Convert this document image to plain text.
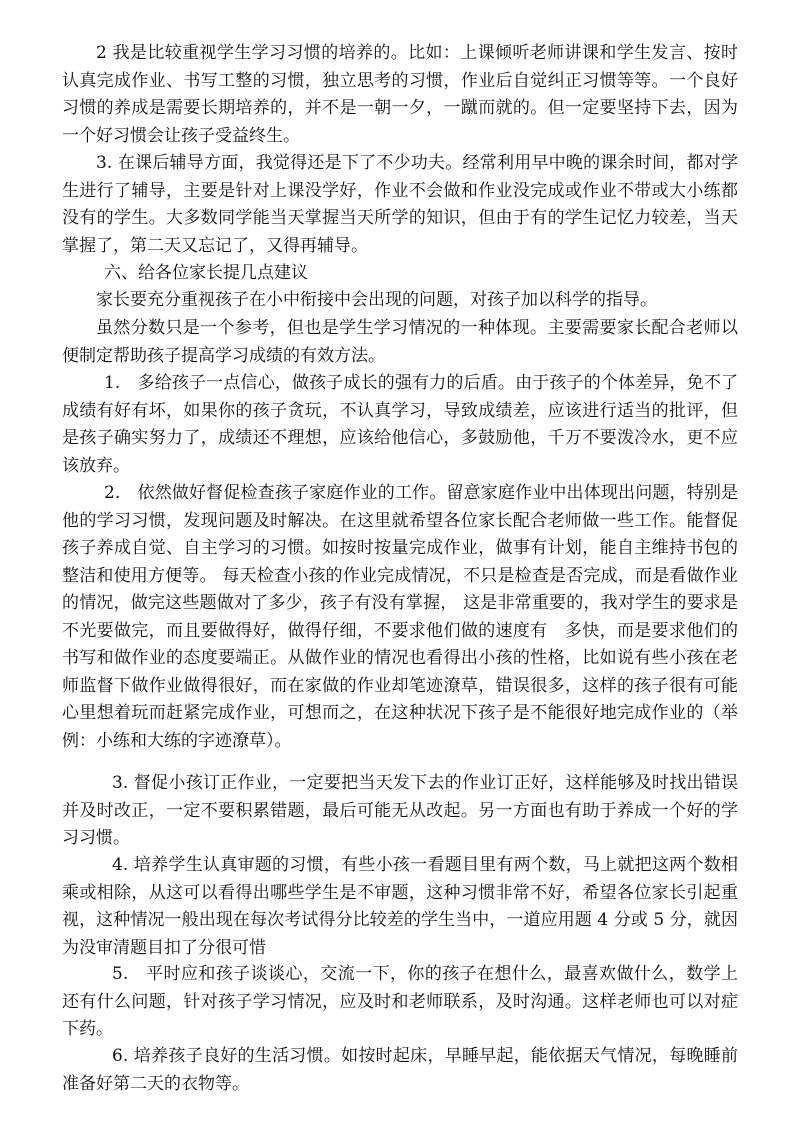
2 我是比较重视学生学习习惯的培养的。比如：上课倾听老师讲课和学生发言、按时认真完成作业、书写工整的习惯，独立思考的习惯，作业后自觉纠正习惯等等。一个良好习惯的养成是需要长期培养的，并不是一朝一夕，一蹴而就的。但一定要坚持下去，因为一个好习惯会让孩子受益终生。

3. 在课后辅导方面，我觉得还是下了不少功夫。经常利用早中晚的课余时间，都对学生进行了辅导，主要是针对上课没学好，作业不会做和作业没完成或作业不带或大小练都没有的学生。大多数同学能当天掌握当天所学的知识，但由于有的学生记忆力较差，当天掌握了，第二天又忘记了，又得再辅导。

六、给各位家长提几点建议

家长要充分重视孩子在小中衔接中会出现的问题，对孩子加以科学的指导。

虽然分数只是一个参考，但也是学生学习情况的一种体现。主要需要家长配合老师以便制定帮助孩子提高学习成绩的有效方法。

1.　多给孩子一点信心，做孩子成长的强有力的后盾。由于孩子的个体差异，免不了成绩有好有坏，如果你的孩子贪玩，不认真学习，导致成绩差，应该进行适当的批评，但是孩子确实努力了，成绩还不理想，应该给他信心，多鼓励他，千万不要泼冷水，更不应该放弃。

2.　依然做好督促检查孩子家庭作业的工作。留意家庭作业中出体现出问题，特别是他的学习习惯，发现问题及时解决。在这里就希望各位家长配合老师做一些工作。能督促孩子养成自觉、自主学习的习惯。如按时按量完成作业，做事有计划，能自主维持书包的整洁和使用方便等。 每天检查小孩的作业完成情况，不只是检查是否完成，而是看做作业的情况，做完这些题做对了多少，孩子有没有掌握， 这是非常重要的，我对学生的要求是不光要做完，而且要做得好，做得仔细，不要求他们做的速度有　多快，而是要求他们的书写和做作业的态度要端正。从做作业的情况也看得出小孩的性格，比如说有些小孩在老师监督下做作业做得很好，而在家做的作业却笔迹潦草，错误很多，这样的孩子很有可能心里想着玩而赶紧完成作业，可想而之，在这种状况下孩子是不能很好地完成作业的（举例：小练和大练的字迹潦草）。

3. 督促小孩订正作业，一定要把当天发下去的作业订正好，这样能够及时找出错误并及时改正，一定不要积累错题，最后可能无从改起。另一方面也有助于养成一个好的学习习惯。

4. 培养学生认真审题的习惯，有些小孩一看题目里有两个数，马上就把这两个数相乘或相除，从这可以看得出哪些学生是不审题，这种习惯非常不好，希望各位家长引起重视，这种情况一般出现在每次考试得分比较差的学生当中，一道应用题 4 分或 5 分，就因为没审清题目扣了分很可惜

5.　平时应和孩子谈谈心，交流一下，你的孩子在想什么，最喜欢做什么，数学上还有什么问题，针对孩子学习情况，应及时和老师联系，及时沟通。这样老师也可以对症下药。

6. 培养孩子良好的生活习惯。如按时起床，早睡早起，能依据天气情况，每晚睡前准备好第二天的衣物等。
